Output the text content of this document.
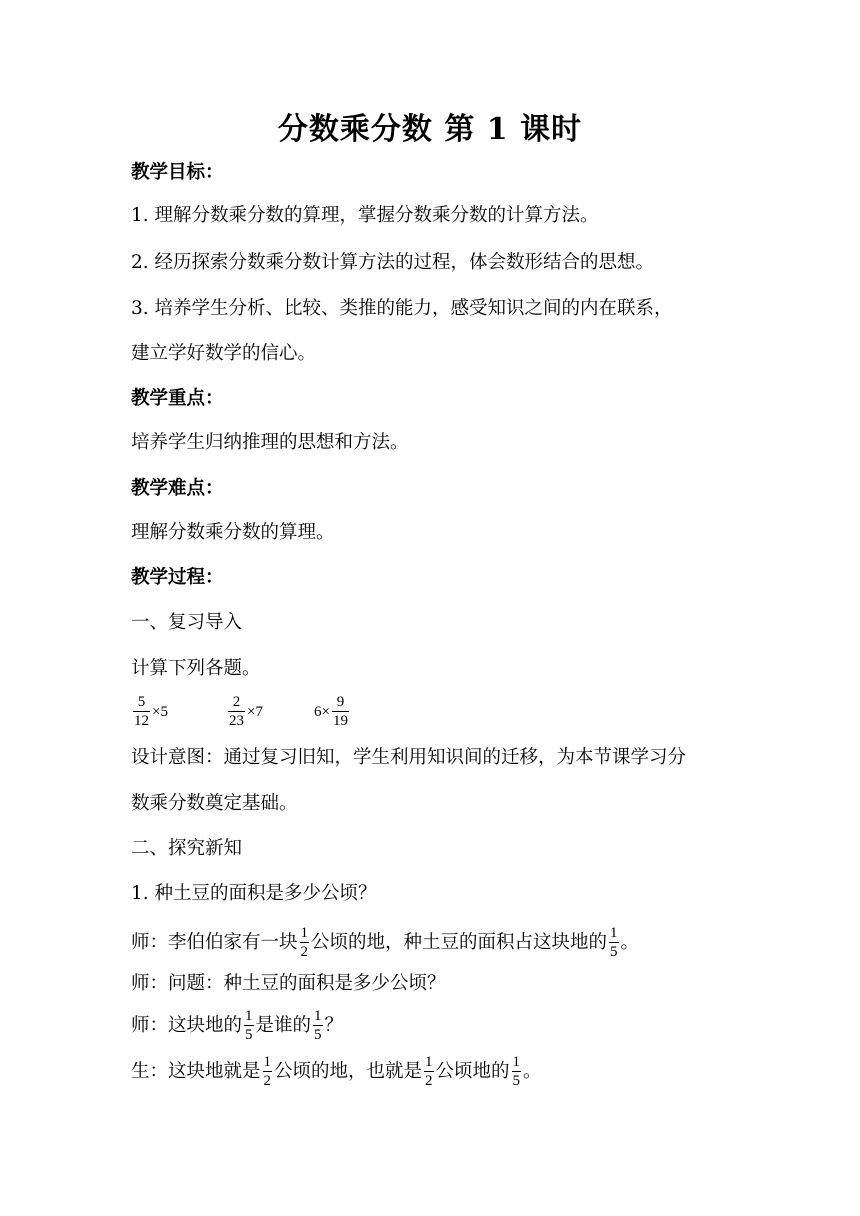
分数乘分数 第 1 课时
教学目标：
1. 理解分数乘分数的算理，掌握分数乘分数的计算方法。
2. 经历探索分数乘分数计算方法的过程，体会数形结合的思想。
3. 培养学生分析、比较、类推的能力，感受知识之间的内在联系，
建立学好数学的信心。
教学重点：
培养学生归纳推理的思想和方法。
教学难点：
理解分数乘分数的算理。
教学过程：
一、复习导入
计算下列各题。
$\frac{5}{12} \times 5$	$\frac{2}{23} \times 7$	$6\times \frac{9}{19}$
设计意图：通过复习旧知，学生利用知识间的迁移，为本节课学习分
数乘分数奠定基础。
二、探究新知
1. 种土豆的面积是多少公顷？
师：李伯伯家有一块 $\frac{1}{2}$ 公顷的地，种土豆的面积占这块地的 $\frac{1}{5}$ 。
师：问题：种土豆的面积是多少公顷？
师：这块地的 $\frac{1}{5}$ 是谁的 $\frac{1}{5}$ ？
生：这块地就是 $\frac{1}{2}$ 公顷的地，也就是 $\frac{1}{2}$ 公顷地的 $\frac{1}{5}$ 。
